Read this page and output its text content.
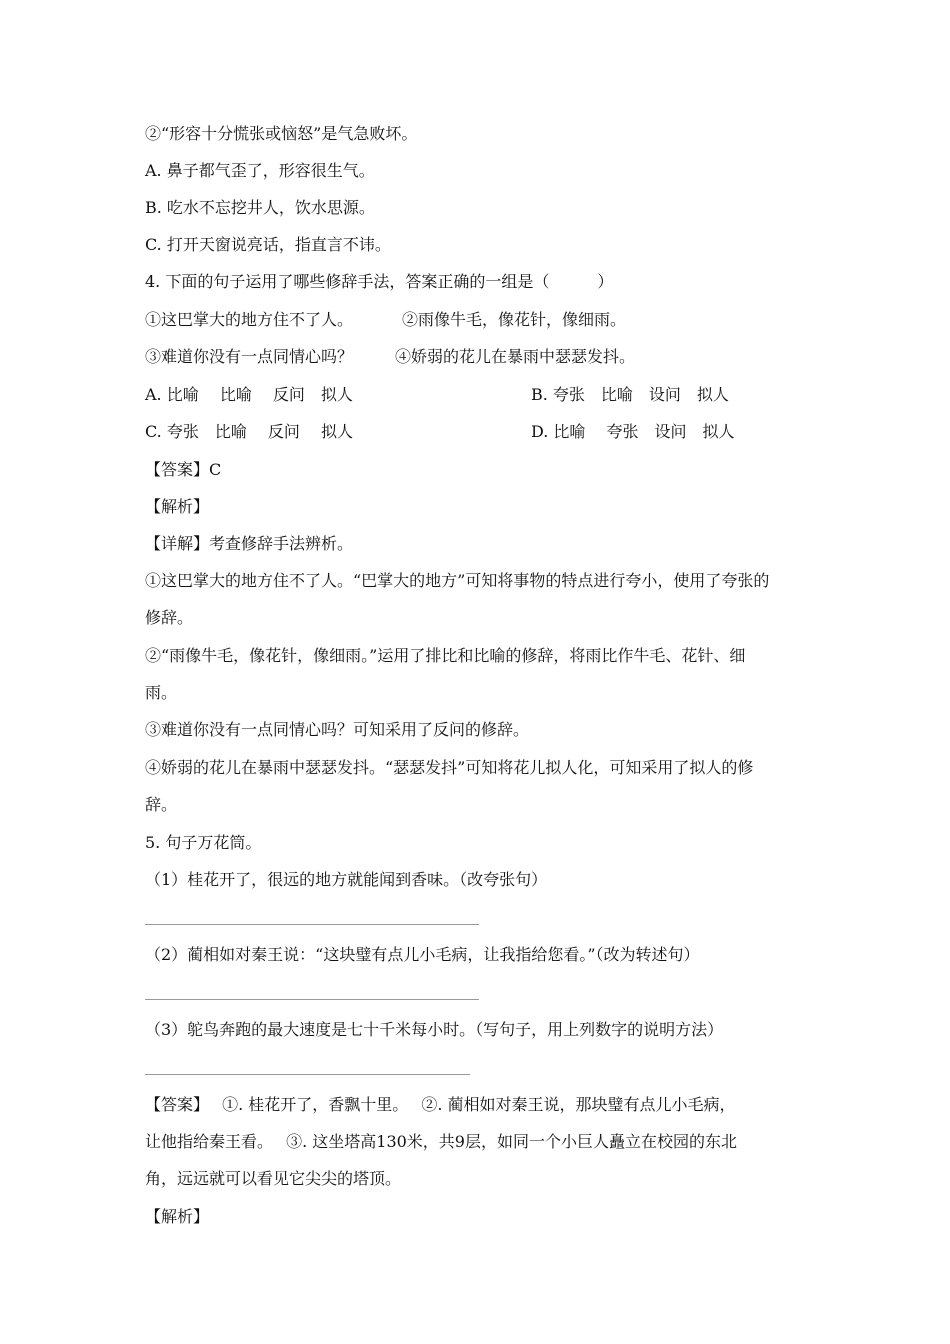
②“形容十分慌张或恼怒”是气急败坏。
A. 鼻子都气歪了，形容很生气。
B. 吃水不忘挖井人，饮水思源。
C. 打开天窗说亮话，指直言不讳。
4. 下面的句子运用了哪些修辞手法，答案正确的一组是（　　　）
①这巴掌大的地方住不了人。	②雨像牛毛，像花针，像细雨。
③难道你没有一点同情心吗？	④娇弱的花儿在暴雨中瑟瑟发抖。
A. 比喻　 比喻　 反问　拟人	B. 夸张　比喻　设问　拟人
C. 夸张　比喻　 反问　 拟人	D. 比喻　 夸张　设问　拟人
【答案】C
【解析】
【详解】考查修辞手法辨析。
①这巴掌大的地方住不了人。“巴掌大的地方”可知将事物的特点进行夸小，使用了夸张的
修辞。
②“雨像牛毛，像花针，像细雨。”运用了排比和比喻的修辞，将雨比作牛毛、花针、细
雨。
③难道你没有一点同情心吗？可知采用了反问的修辞。
④娇弱的花儿在暴雨中瑟瑟发抖。“瑟瑟发抖”可知将花儿拟人化，可知采用了拟人的修
辞。
5. 句子万花筒。
（1）桂花开了，很远的地方就能闻到香味。（改夸张句）
（2）蔺相如对秦王说：“这块璧有点儿小毛病，让我指给您看。”（改为转述句）
（3）鸵鸟奔跑的最大速度是七十千米每小时。（写句子，用上列数字的说明方法）
【答案】　 ①. 桂花开了，香飘十里。　 ②. 蔺相如对秦王说，那块璧有点儿小毛病，
让他指给秦王看。　 ③. 这坐塔高130米，共9层，如同一个小巨人矗立在校园的东北
角，远远就可以看见它尖尖的塔顶。
【解析】
